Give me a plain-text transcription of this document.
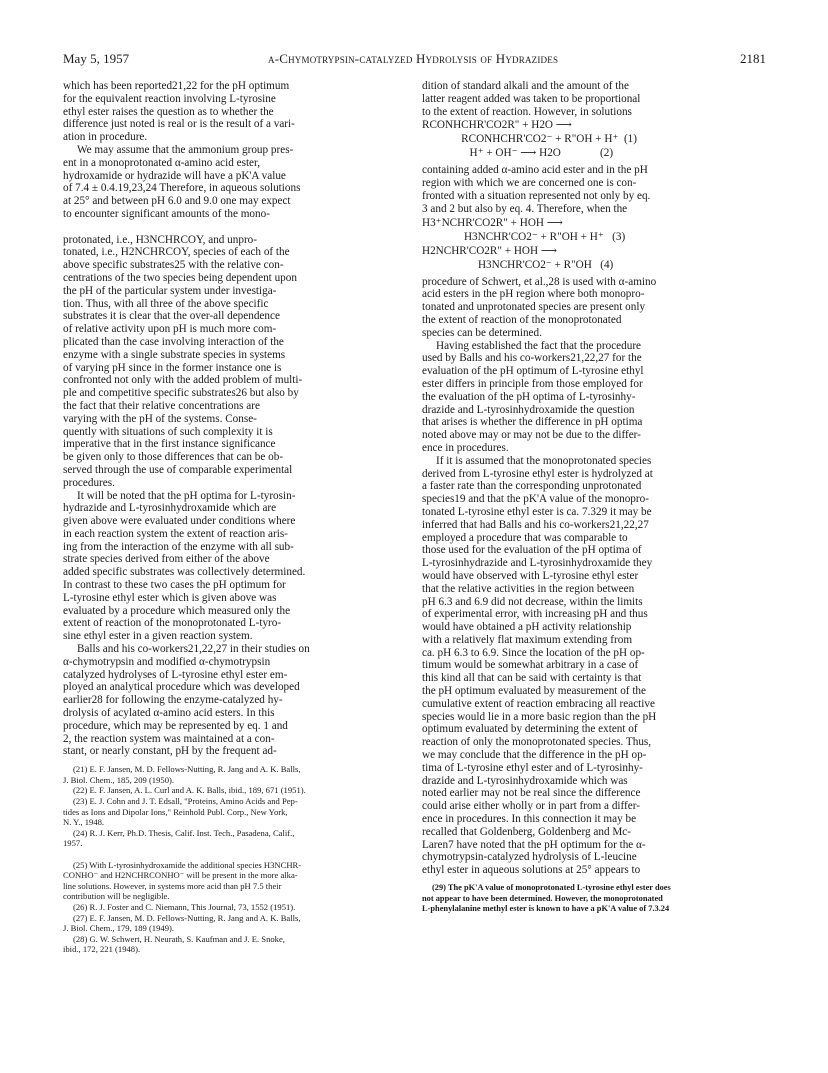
May 5, 1957	α-Chymotrypsin-catalyzed Hydrolysis of Hydrazides	2181
which has been reported21,22 for the pH optimum
for the equivalent reaction involving L-tyrosine
ethyl ester raises the question as to whether the
difference just noted is real or is the result of a vari-
ation in procedure.
We may assume that the ammonium group pres-
ent in a monoprotonated α-amino acid ester,
hydroxamide or hydrazide will have a pK'A value
of 7.4 ± 0.4.19,23,24 Therefore, in aqueous solutions
at 25° and between pH 6.0 and 9.0 one may expect
to encounter significant amounts of the mono-
protonated, i.e., H3NCHRCOY, and unpro-
tonated, i.e., H2NCHRCOY, species of each of the
above specific substrates25 with the relative con-
centrations of the two species being dependent upon
the pH of the particular system under investiga-
tion. Thus, with all three of the above specific
substrates it is clear that the over-all dependence
of relative activity upon pH is much more com-
plicated than the case involving interaction of the
enzyme with a single substrate species in systems
of varying pH since in the former instance one is
confronted not only with the added problem of multi-
ple and competitive specific substrates26 but also by
the fact that their relative concentrations are
varying with the pH of the systems. Conse-
quently with situations of such complexity it is
imperative that in the first instance significance
be given only to those differences that can be ob-
served through the use of comparable experimental
procedures.
It will be noted that the pH optima for L-tyrosin-
hydrazide and L-tyrosinhydroxamide which are
given above were evaluated under conditions where
in each reaction system the extent of reaction aris-
ing from the interaction of the enzyme with all sub-
strate species derived from either of the above
added specific substrates was collectively determined.
In contrast to these two cases the pH optimum for
L-tyrosine ethyl ester which is given above was
evaluated by a procedure which measured only the
extent of reaction of the monoprotonated L-tyro-
sine ethyl ester in a given reaction system.
Balls and his co-workers21,22,27 in their studies on
α-chymotrypsin and modified α-chymotrypsin
catalyzed hydrolyses of L-tyrosine ethyl ester em-
ployed an analytical procedure which was developed
earlier28 for following the enzyme-catalyzed hy-
drolysis of acylated α-amino acid esters. In this
procedure, which may be represented by eq. 1 and
2, the reaction system was maintained at a con-
stant, or nearly constant, pH by the frequent ad-
(21) E. F. Jansen, M. D. Fellows-Nutting, R. Jang and A. K. Balls,
J. Biol. Chem., 185, 209 (1950).
(22) E. F. Jansen, A. L. Curl and A. K. Balls, ibid., 189, 671 (1951).
(23) E. J. Cohn and J. T. Edsall, "Proteins, Amino Acids and Pep-
tides as Ions and Dipolar Ions," Reinhold Publ. Corp., New York,
N. Y., 1948.
(24) R. J. Kerr, Ph.D. Thesis, Calif. Inst. Tech., Pasadena, Calif.,
1957.
(25) With L-tyrosinhydroxamide the additional species H3NCHR-
CONHO⁻ and H2NCHRCONHO⁻ will be present in the more alka-
line solutions. However, in systems more acid than pH 7.5 their
contribution will be negligible.
(26) R. J. Foster and C. Niemann, This Journal, 73, 1552 (1951).
(27) E. F. Jansen, M. D. Fellows-Nutting, R. Jang and A. K. Balls,
J. Biol. Chem., 179, 189 (1949).
(28) G. W. Schwert, H. Neurath, S. Kaufman and J. E. Snoke,
ibid., 172, 221 (1948).
dition of standard alkali and the amount of the
latter reagent added was taken to be proportional
to the extent of reaction. However, in solutions
RCONHCHR'CO2R" + H2O ⟶
RCONHCHR'CO2⁻ + R"OH + H⁺  (1)
H⁺ + OH⁻ ⟶ H2O              (2)
containing added α-amino acid ester and in the pH
region with which we are concerned one is con-
fronted with a situation represented not only by eq.
3 and 2 but also by eq. 4. Therefore, when the
H3⁺NCHR'CO2R" + HOH ⟶
H3NCHR'CO2⁻ + R"OH + H⁺   (3)
H2NCHR'CO2R" + HOH ⟶
H3NCHR'CO2⁻ + R"OH   (4)
procedure of Schwert, et al.,28 is used with α-amino
acid esters in the pH region where both monopro-
tonated and unprotonated species are present only
the extent of reaction of the monoprotonated
species can be determined.
Having established the fact that the procedure
used by Balls and his co-workers21,22,27 for the
evaluation of the pH optimum of L-tyrosine ethyl
ester differs in principle from those employed for
the evaluation of the pH optima of L-tyrosinhy-
drazide and L-tyrosinhydroxamide the question
that arises is whether the difference in pH optima
noted above may or may not be due to the differ-
ence in procedures.
If it is assumed that the monoprotonated species
derived from L-tyrosine ethyl ester is hydrolyzed at
a faster rate than the corresponding unprotonated
species19 and that the pK'A value of the monopro-
tonated L-tyrosine ethyl ester is ca. 7.329 it may be
inferred that had Balls and his co-workers21,22,27
employed a procedure that was comparable to
those used for the evaluation of the pH optima of
L-tyrosinhydrazide and L-tyrosinhydroxamide they
would have observed with L-tyrosine ethyl ester
that the relative activities in the region between
pH 6.3 and 6.9 did not decrease, within the limits
of experimental error, with increasing pH and thus
would have obtained a pH activity relationship
with a relatively flat maximum extending from
ca. pH 6.3 to 6.9. Since the location of the pH op-
timum would be somewhat arbitrary in a case of
this kind all that can be said with certainty is that
the pH optimum evaluated by measurement of the
cumulative extent of reaction embracing all reactive
species would lie in a more basic region than the pH
optimum evaluated by determining the extent of
reaction of only the monoprotonated species. Thus,
we may conclude that the difference in the pH op-
tima of L-tyrosine ethyl ester and of L-tyrosinhy-
drazide and L-tyrosinhydroxamide which was
noted earlier may not be real since the difference
could arise either wholly or in part from a differ-
ence in procedures. In this connection it may be
recalled that Goldenberg, Goldenberg and Mc-
Laren7 have noted that the pH optimum for the α-
chymotrypsin-catalyzed hydrolysis of L-leucine
ethyl ester in aqueous solutions at 25° appears to
(29) The pK'A value of monoprotonated L-tyrosine ethyl ester does
not appear to have been determined. However, the monoprotonated
L-phenylalanine methyl ester is known to have a pK'A value of 7.3.24
